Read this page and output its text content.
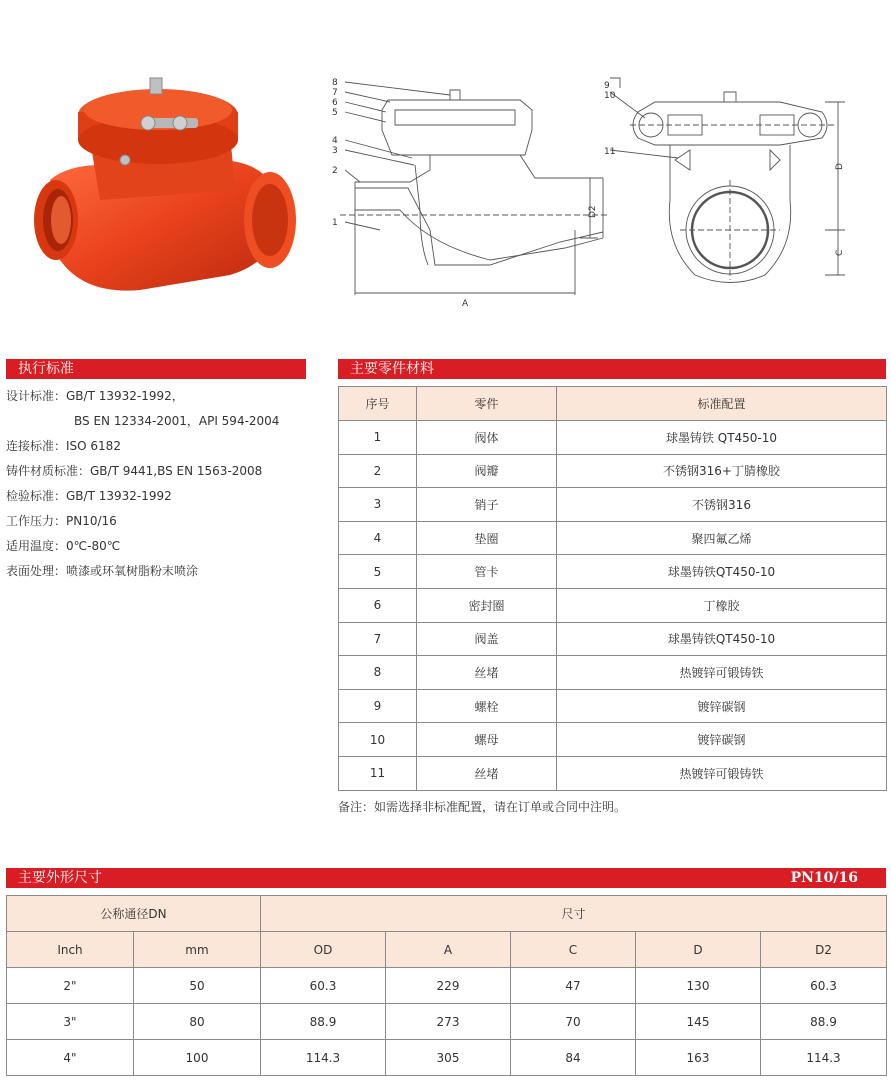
8
7
6
5
4
3
2
1
A
D2
9
10
11
D
C
执行标准	主要零件材料
主要外形尺寸	PN10/16
设计标准：GB/T 13932-1992，
BS EN 12334-2001，API 594-2004
连接标准：ISO 6182
铸件材质标准：GB/T 9441,BS EN 1563-2008
检验标准：GB/T 13932-1992
工作压力：PN10/16
适用温度：0℃-80℃
表面处理：喷漆或环氧树脂粉末喷涂
序号	零件	标准配置
1	阀体	球墨铸铁 QT450-10
2	阀瓣	不锈钢316+丁腈橡胶
3	销子	不锈钢316
4	垫圈	聚四氟乙烯
5	管卡	球墨铸铁QT450-10
6	密封圈	丁橡胶
7	阀盖	球墨铸铁QT450-10
8	丝堵	热镀锌可锻铸铁
9	螺栓	镀锌碳钢
10	螺母	镀锌碳钢
11	丝堵	热镀锌可锻铸铁
备注：如需选择非标准配置，请在订单或合同中注明。
公称通径DN		尺寸				
Inch	mm	OD	A	C	D	D2
2"	50	60.3	229	47	130	60.3
3"	80	88.9	273	70	145	88.9
4"	100	114.3	305	84	163	114.3
